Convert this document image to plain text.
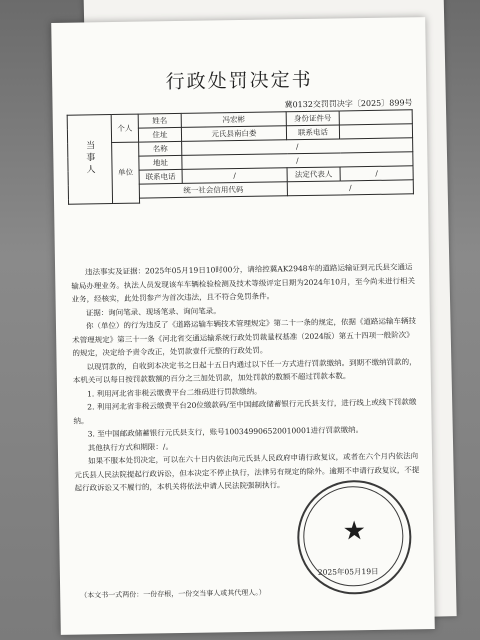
行政处罚决定书
冀0132交罚罚决字〔2025〕899号
当事人	个人	姓名	冯宏彬	身份证件号	
		住址	元氏县南白娄	联系电话	
	单位	名称	/		
		地址	/		
		联系电话	/	法定代表人	/
		统一社会信用代码		/	

违法事实及证据：2025年05月19日10时00分，请给控冀AK2948车的道路运输证到元氏县交通运输局办理业务。执法人员发现该车车辆检验检测及技术等级评定日期为2024年10月，至今尚未进行相关业务，经核实，此处罚参产为首次违法，且不符合免罚条件。

证据：询问笔录、现场笔录、询问笔录。

你（单位）的行为违反了《道路运输车辆技术管理规定》第二十一条的规定，依据《道路运输车辆技术管理规定》第三十一条《河北省交通运输系统行政处罚裁量权基准（2024版）第五十四项一般阶次》的规定，决定给予责令改正，处罚款壹仟元整的行政处罚。

以现罚款的，自收到本决定书之日起十五日内通过以下任一方式进行罚款缴纳。到期不缴纳罚款的，本机关可以每日按罚款数额的百分之三加处罚款，加处罚款的数额不超过罚款本数。

1. 利用河北省非税云缴费平台二维码进行罚款缴纳。

2. 利用河北省非税云缴费平台20位缴款码/至中国邮政储蓄银行元氏县支行，进行线上或线下罚款缴纳。

3. 至中国邮政储蓄银行元氏县支行，账号100349906520010001进行罚款缴纳。

其他执行方式和期限：/。

如果不服本处罚决定，可以在六十日内依法向元氏县人民政府申请行政复议，或者在六个月内依法向元氏县人民法院提起行政诉讼，但本决定不停止执行，法律另有规定的除外。逾期不申请行政复议，不提起行政诉讼又不履行的，本机关将依法申请人民法院强制执行。

★
2025年05月19日
（本文书一式两份：一份存根，一份交当事人或其代理人。）
